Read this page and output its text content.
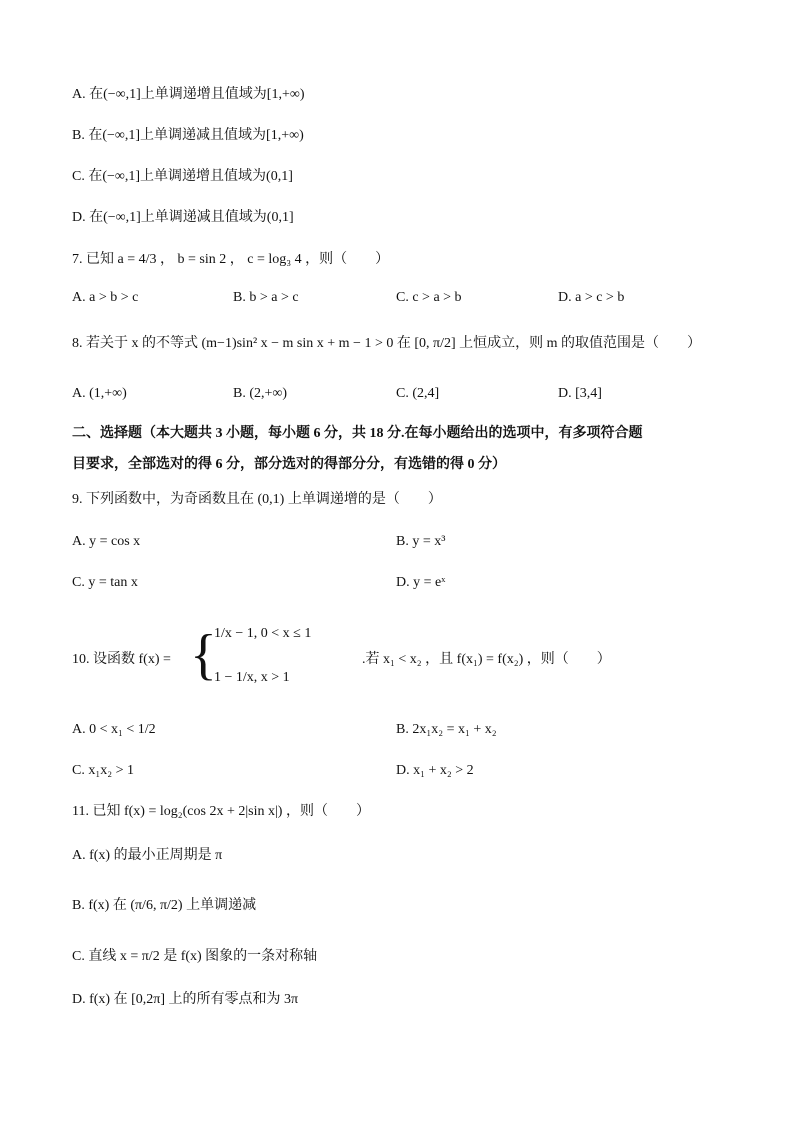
A. 在(−∞,1]上单调递增且值域为[1,+∞)
B. 在(−∞,1]上单调递减且值域为[1,+∞)
C. 在(−∞,1]上单调递增且值域为(0,1]
D. 在(−∞,1]上单调递减且值域为(0,1]
7. 已知 a = 4/3 ， b = sin 2 ， c = log₃ 4 ，则（　　）
A. a > b > c	B. b > a > c	C. c > a > b	D. a > c > b
8. 若关于 x 的不等式 (m−1)sin² x − m sin x + m − 1 > 0 在 [0, π/2] 上恒成立，则 m 的取值范围是（　　）
A. (1,+∞)	B. (2,+∞)	C. (2,4]	D. [3,4]
二、选择题（本大题共 3 小题，每小题 6 分，共 18 分.在每小题给出的选项中，有多项符合题
目要求，全部选对的得 6 分，部分选对的得部分分，有选错的得 0 分）
9. 下列函数中，为奇函数且在 (0,1) 上单调递增的是（　　）
A. y = cos x	B. y = x³
C. y = tan x	D. y = eˣ
10. 设函数 f(x) = {
1/x − 1, 0 < x ≤ 1
1 − 1/x, x > 1
.若 x₁ < x₂ ，且 f(x₁) = f(x₂) ，则（　　）
A. 0 < x₁ < 1/2	B. 2x₁x₂ = x₁ + x₂
C. x₁x₂ > 1	D. x₁ + x₂ > 2
11. 已知 f(x) = log₂(cos 2x + 2|sin x|) ，则（　　）
A. f(x) 的最小正周期是 π
B. f(x) 在 (π/6, π/2) 上单调递减
C. 直线 x = π/2 是 f(x) 图象的一条对称轴
D. f(x) 在 [0,2π] 上的所有零点和为 3π
